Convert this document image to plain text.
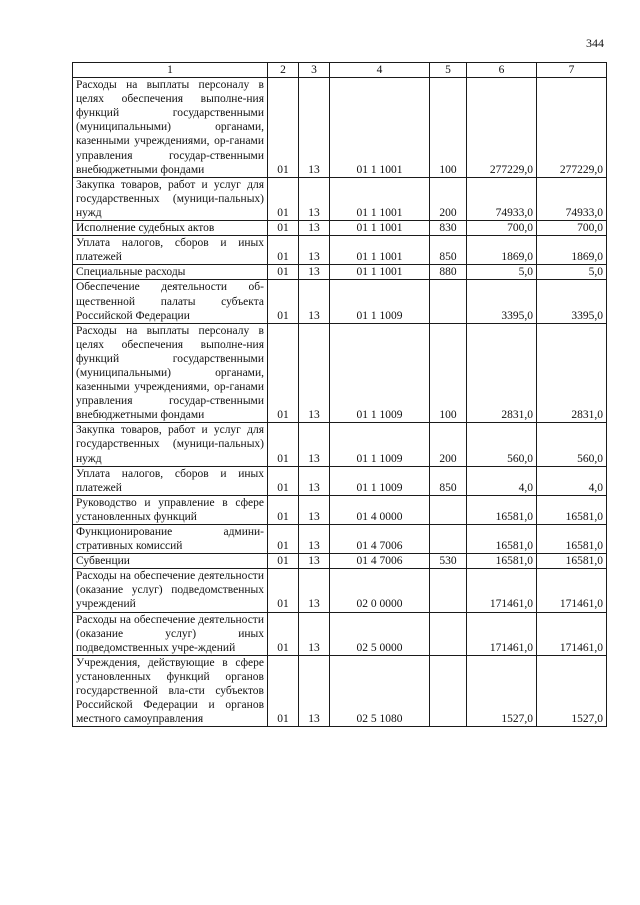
344
1	2	3	4	5	6	7
Расходы на выплаты персоналу в целях обеспечения выполне-ния функций государственными (муниципальными) органами, казенными учреждениями, ор-ганами управления государ-ственными внебюджетными фондами	01	13	01 1 1001	100	277229,0	277229,0
Закупка товаров, работ и услуг для государственных (муници-пальных) нужд	01	13	01 1 1001	200	74933,0	74933,0
Исполнение судебных актов	01	13	01 1 1001	830	700,0	700,0
Уплата налогов, сборов и иных платежей	01	13	01 1 1001	850	1869,0	1869,0
Специальные расходы	01	13	01 1 1001	880	5,0	5,0
Обеспечение деятельности об-щественной палаты субъекта Российской Федерации	01	13	01 1 1009		3395,0	3395,0
Расходы на выплаты персоналу в целях обеспечения выполне-ния функций государственными (муниципальными) органами, казенными учреждениями, ор-ганами управления государ-ственными внебюджетными фондами	01	13	01 1 1009	100	2831,0	2831,0
Закупка товаров, работ и услуг для государственных (муници-пальных) нужд	01	13	01 1 1009	200	560,0	560,0
Уплата налогов, сборов и иных платежей	01	13	01 1 1009	850	4,0	4,0
Руководство и управление в сфере установленных функций	01	13	01 4 0000		16581,0	16581,0
Функционирование админи-стративных комиссий	01	13	01 4 7006		16581,0	16581,0
Субвенции	01	13	01 4 7006	530	16581,0	16581,0
Расходы на обеспечение деятельности (оказание услуг) подведомственных учреждений	01	13	02 0 0000		171461,0	171461,0
Расходы на обеспечение деятельности (оказание услуг) иных подведомственных учре-ждений	01	13	02 5 0000		171461,0	171461,0
Учреждения, действующие в сфере установленных функций органов государственной вла-сти субъектов Российской Федерации и органов местного самоуправления	01	13	02 5 1080		1527,0	1527,0
